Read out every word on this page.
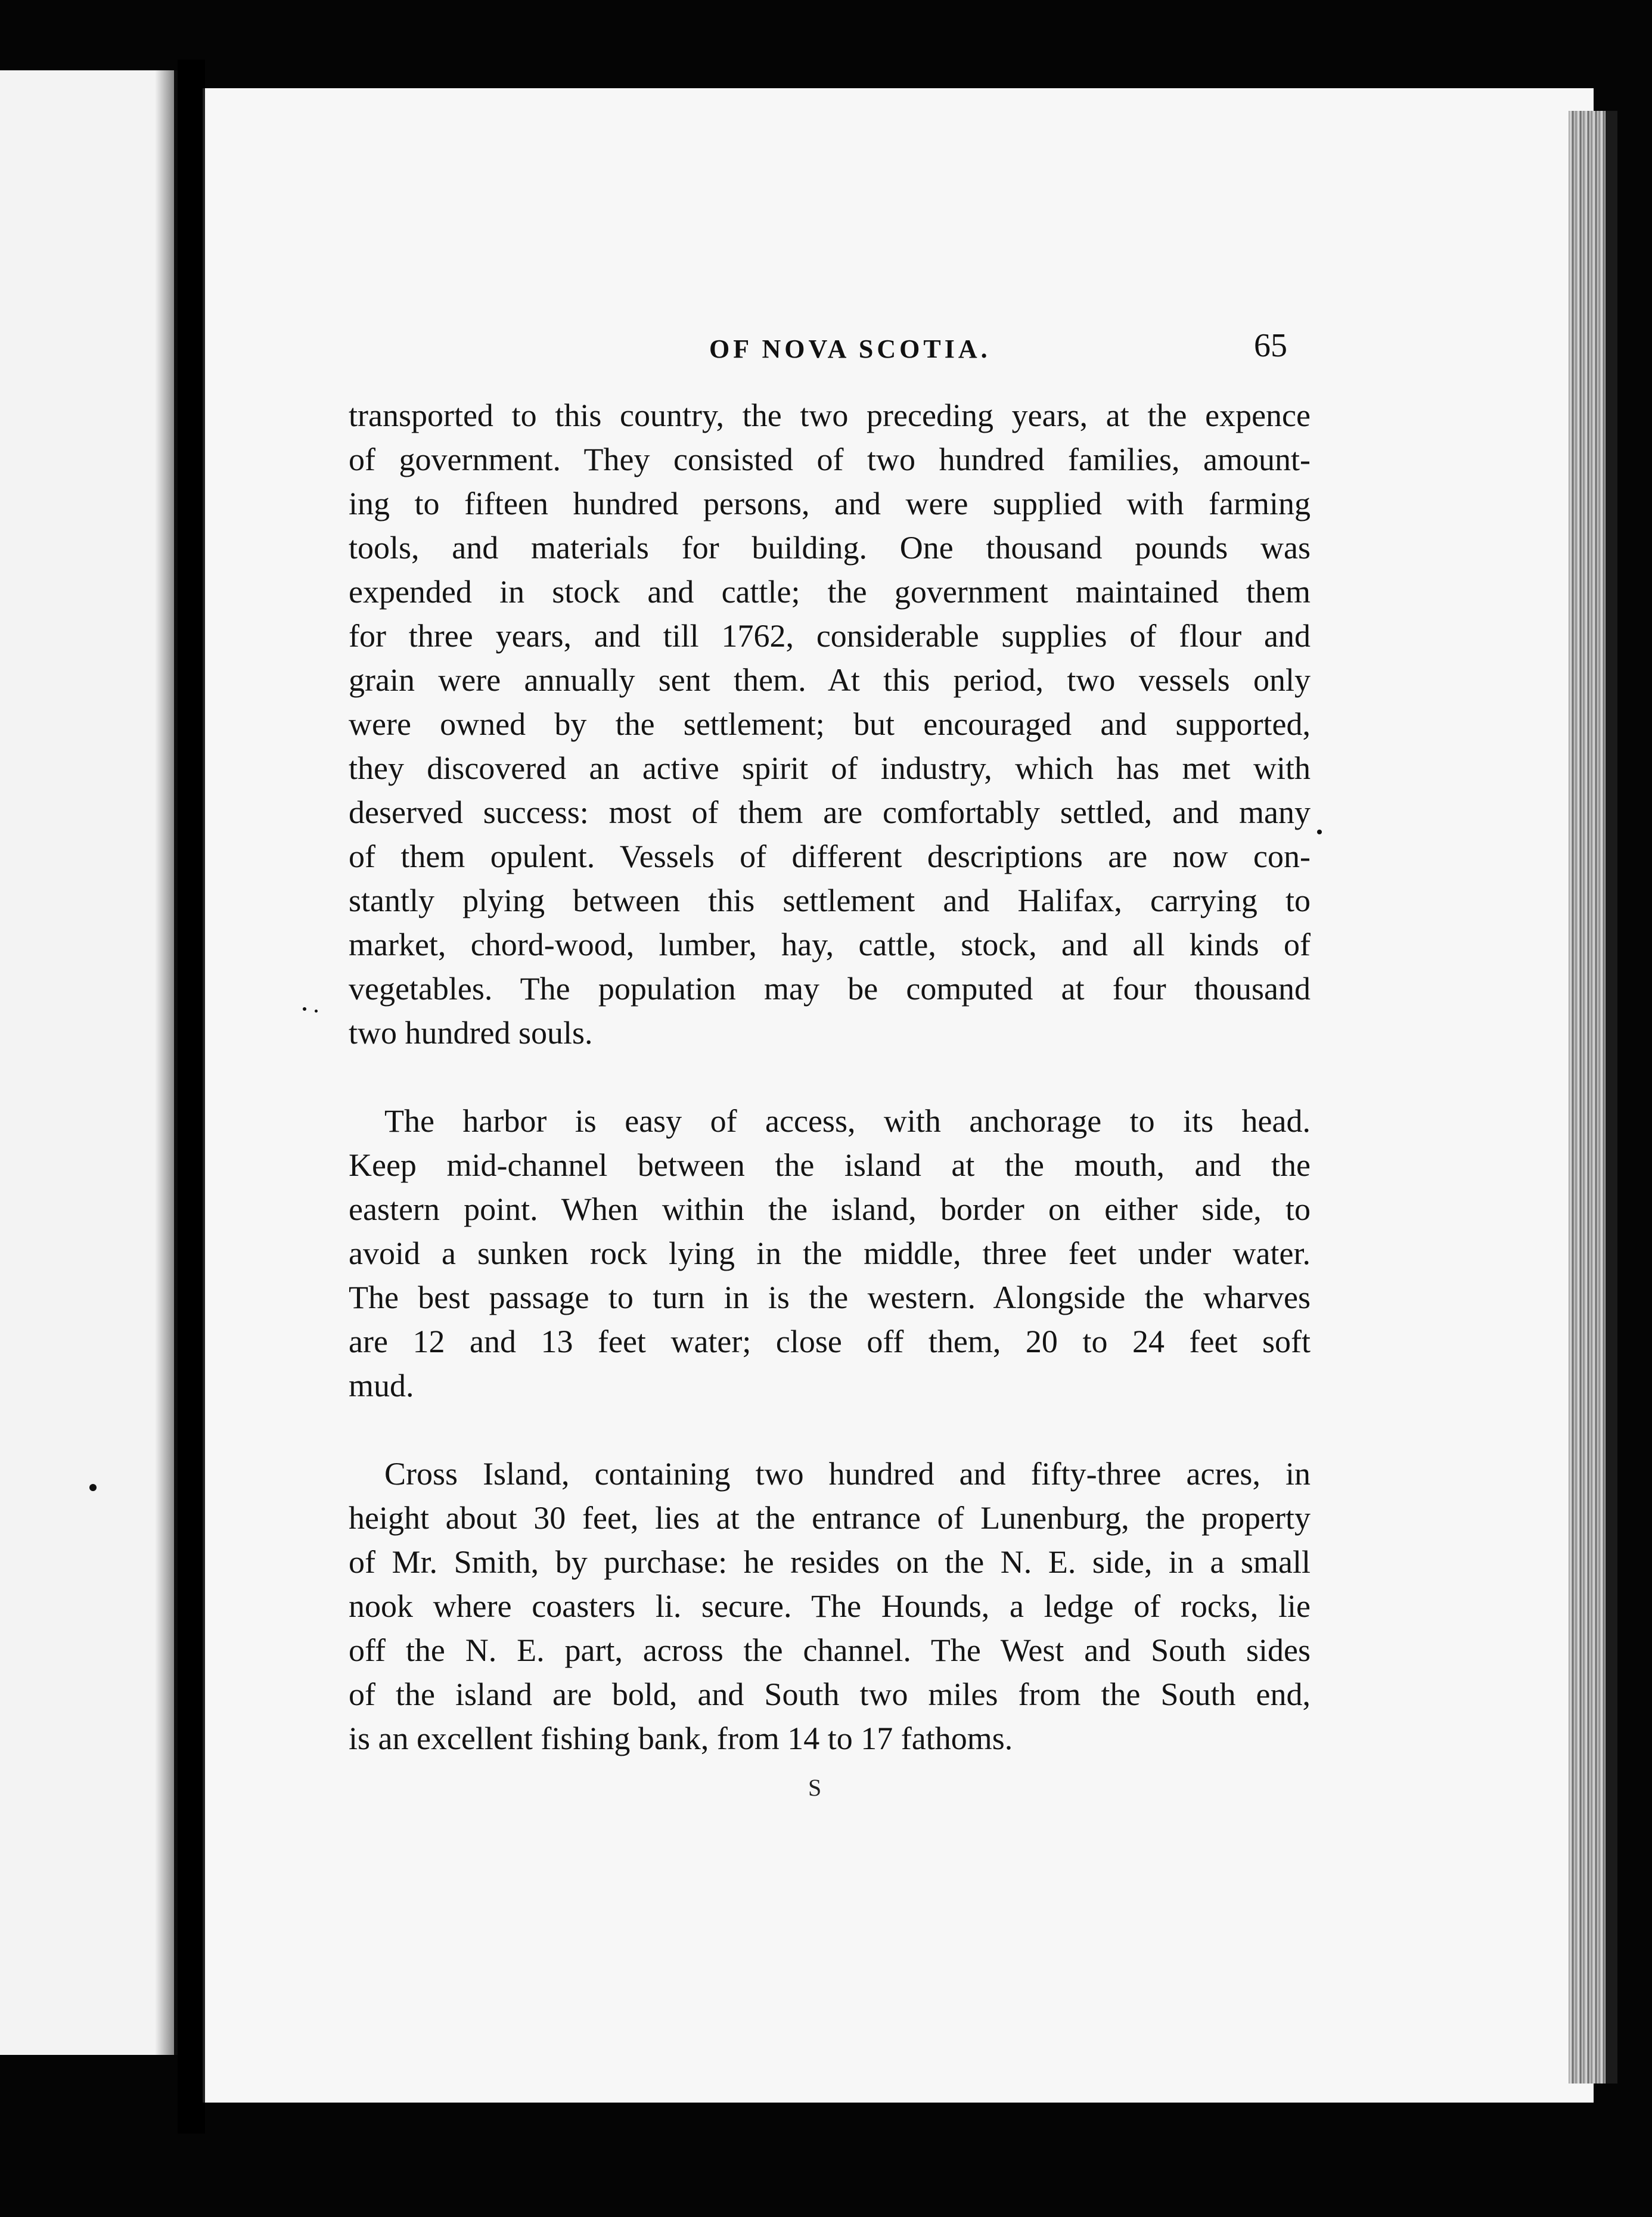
OF NOVA SCOTIA.	65

transported to this country, the two preceding years, at the expence
of government. They consisted of two hundred families, amount-
ing to fifteen hundred persons, and were supplied with farming
tools, and materials for building. One thousand pounds was
expended in stock and cattle; the government maintained them
for three years, and till 1762, considerable supplies of flour and
grain were annually sent them. At this period, two vessels only
were owned by the settlement; but encouraged and supported,
they discovered an active spirit of industry, which has met with
deserved success: most of them are comfortably settled, and many
of them opulent. Vessels of different descriptions are now con-
stantly plying between this settlement and Halifax, carrying to
market, chord-wood, lumber, hay, cattle, stock, and all kinds of
vegetables. The population may be computed at four thousand
two hundred souls.

The harbor is easy of access, with anchorage to its head.
Keep mid-channel between the island at the mouth, and the
eastern point. When within the island, border on either side, to
avoid a sunken rock lying in the middle, three feet under water.
The best passage to turn in is the western. Alongside the wharves
are 12 and 13 feet water; close off them, 20 to 24 feet soft
mud.

Cross Island, containing two hundred and fifty-three acres, in
height about 30 feet, lies at the entrance of Lunenburg, the property
of Mr. Smith, by purchase: he resides on the N. E. side, in a small
nook where coasters li. secure. The Hounds, a ledge of rocks, lie
off the N. E. part, across the channel. The West and South sides
of the island are bold, and South two miles from the South end,
is an excellent fishing bank, from 14 to 17 fathoms.

S
